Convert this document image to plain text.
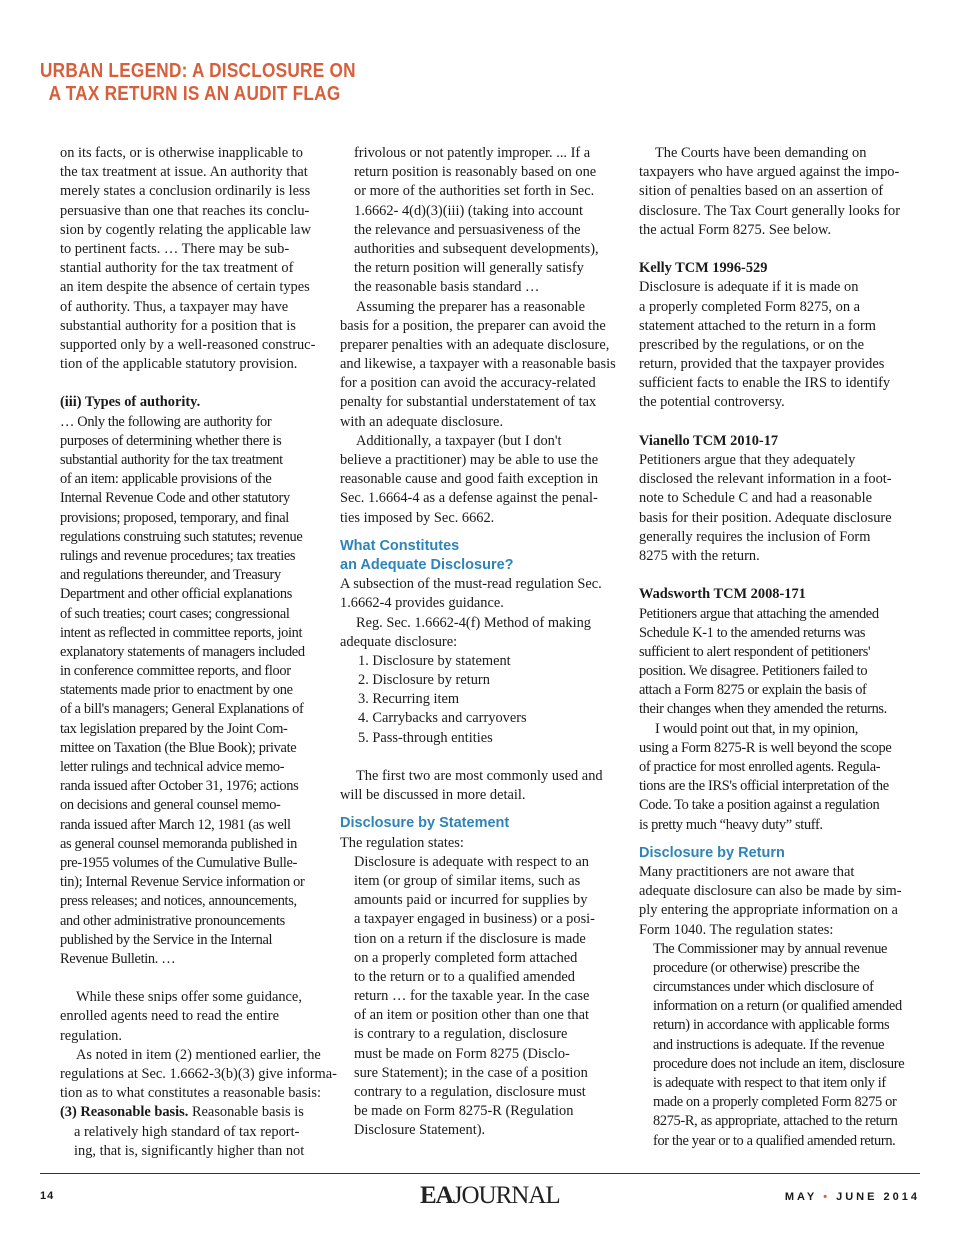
URBAN LEGEND: A DISCLOSURE ON
A TAX RETURN IS AN AUDIT FLAG
on its facts, or is otherwise inapplicable to
the tax treatment at issue. An authority that
merely states a conclusion ordinarily is less
persuasive than one that reaches its conclu-
sion by cogently relating the applicable law
to pertinent facts. … There may be sub-
stantial authority for the tax treatment of
an item despite the absence of certain types
of authority. Thus, a taxpayer may have
substantial authority for a position that is
supported only by a well-reasoned construc-
tion of the applicable statutory provision.
(iii) Types of authority.
… Only the following are authority for
purposes of determining whether there is
substantial authority for the tax treatment
of an item: applicable provisions of the
Internal Revenue Code and other statutory
provisions; proposed, temporary, and final
regulations construing such statutes; revenue
rulings and revenue procedures; tax treaties
and regulations thereunder, and Treasury
Department and other official explanations
of such treaties; court cases; congressional
intent as reflected in committee reports, joint
explanatory statements of managers included
in conference committee reports, and floor
statements made prior to enactment by one
of a bill's managers; General Explanations of
tax legislation prepared by the Joint Com-
mittee on Taxation (the Blue Book); private
letter rulings and technical advice memo-
randa issued after October 31, 1976; actions
on decisions and general counsel memo-
randa issued after March 12, 1981 (as well
as general counsel memoranda published in
pre-1955 volumes of the Cumulative Bulle-
tin); Internal Revenue Service information or
press releases; and notices, announcements,
and other administrative pronouncements
published by the Service in the Internal
Revenue Bulletin. …
While these snips offer some guidance,
enrolled agents need to read the entire
regulation.
As noted in item (2) mentioned earlier, the
regulations at Sec. 1.6662-3(b)(3) give informa-
tion as to what constitutes a reasonable basis:
(3) Reasonable basis. Reasonable basis is
a relatively high standard of tax report-
ing, that is, significantly higher than not
frivolous or not patently improper. ... If a
return position is reasonably based on one
or more of the authorities set forth in Sec.
1.6662- 4(d)(3)(iii) (taking into account
the relevance and persuasiveness of the
authorities and subsequent developments),
the return position will generally satisfy
the reasonable basis standard …
Assuming the preparer has a reasonable
basis for a position, the preparer can avoid the
preparer penalties with an adequate disclosure,
and likewise, a taxpayer with a reasonable basis
for a position can avoid the accuracy-related
penalty for substantial understatement of tax
with an adequate disclosure.
Additionally, a taxpayer (but I don't
believe a practitioner) may be able to use the
reasonable cause and good faith exception in
Sec. 1.6664-4 as a defense against the penal-
ties imposed by Sec. 6662.
What Constitutes
an Adequate Disclosure?
A subsection of the must-read regulation Sec.
1.6662-4 provides guidance.
Reg. Sec. 1.6662-4(f) Method of making
adequate disclosure:
1. Disclosure by statement
2. Disclosure by return
3. Recurring item
4. Carrybacks and carryovers
5. Pass-through entities
The first two are most commonly used and
will be discussed in more detail.
Disclosure by Statement
The regulation states:
Disclosure is adequate with respect to an
item (or group of similar items, such as
amounts paid or incurred for supplies by
a taxpayer engaged in business) or a posi-
tion on a return if the disclosure is made
on a properly completed form attached
to the return or to a qualified amended
return … for the taxable year. In the case
of an item or position other than one that
is contrary to a regulation, disclosure
must be made on Form 8275 (Disclo-
sure Statement); in the case of a position
contrary to a regulation, disclosure must
be made on Form 8275-R (Regulation
Disclosure Statement).
The Courts have been demanding on
taxpayers who have argued against the impo-
sition of penalties based on an assertion of
disclosure. The Tax Court generally looks for
the actual Form 8275. See below.
Kelly TCM 1996-529
Disclosure is adequate if it is made on
a properly completed Form 8275, on a
statement attached to the return in a form
prescribed by the regulations, or on the
return, provided that the taxpayer provides
sufficient facts to enable the IRS to identify
the potential controversy.
Vianello TCM 2010-17
Petitioners argue that they adequately
disclosed the relevant information in a foot-
note to Schedule C and had a reasonable
basis for their position. Adequate disclosure
generally requires the inclusion of Form
8275 with the return.
Wadsworth TCM 2008-171
Petitioners argue that attaching the amended
Schedule K-1 to the amended returns was
sufficient to alert respondent of petitioners'
position. We disagree. Petitioners failed to
attach a Form 8275 or explain the basis of
their changes when they amended the returns.
I would point out that, in my opinion,
using a Form 8275-R is well beyond the scope
of practice for most enrolled agents. Regula-
tions are the IRS's official interpretation of the
Code. To take a position against a regulation
is pretty much “heavy duty” stuff.
Disclosure by Return
Many practitioners are not aware that
adequate disclosure can also be made by sim-
ply entering the appropriate information on a
Form 1040. The regulation states:
The Commissioner may by annual revenue
procedure (or otherwise) prescribe the
circumstances under which disclosure of
information on a return (or qualified amended
return) in accordance with applicable forms
and instructions is adequate. If the revenue
procedure does not include an item, disclosure
is adequate with respect to that item only if
made on a properly completed Form 8275 or
8275-R, as appropriate, attached to the return
for the year or to a qualified amended return.
14	EAJOURNAL	MAY • JUNE 2014
